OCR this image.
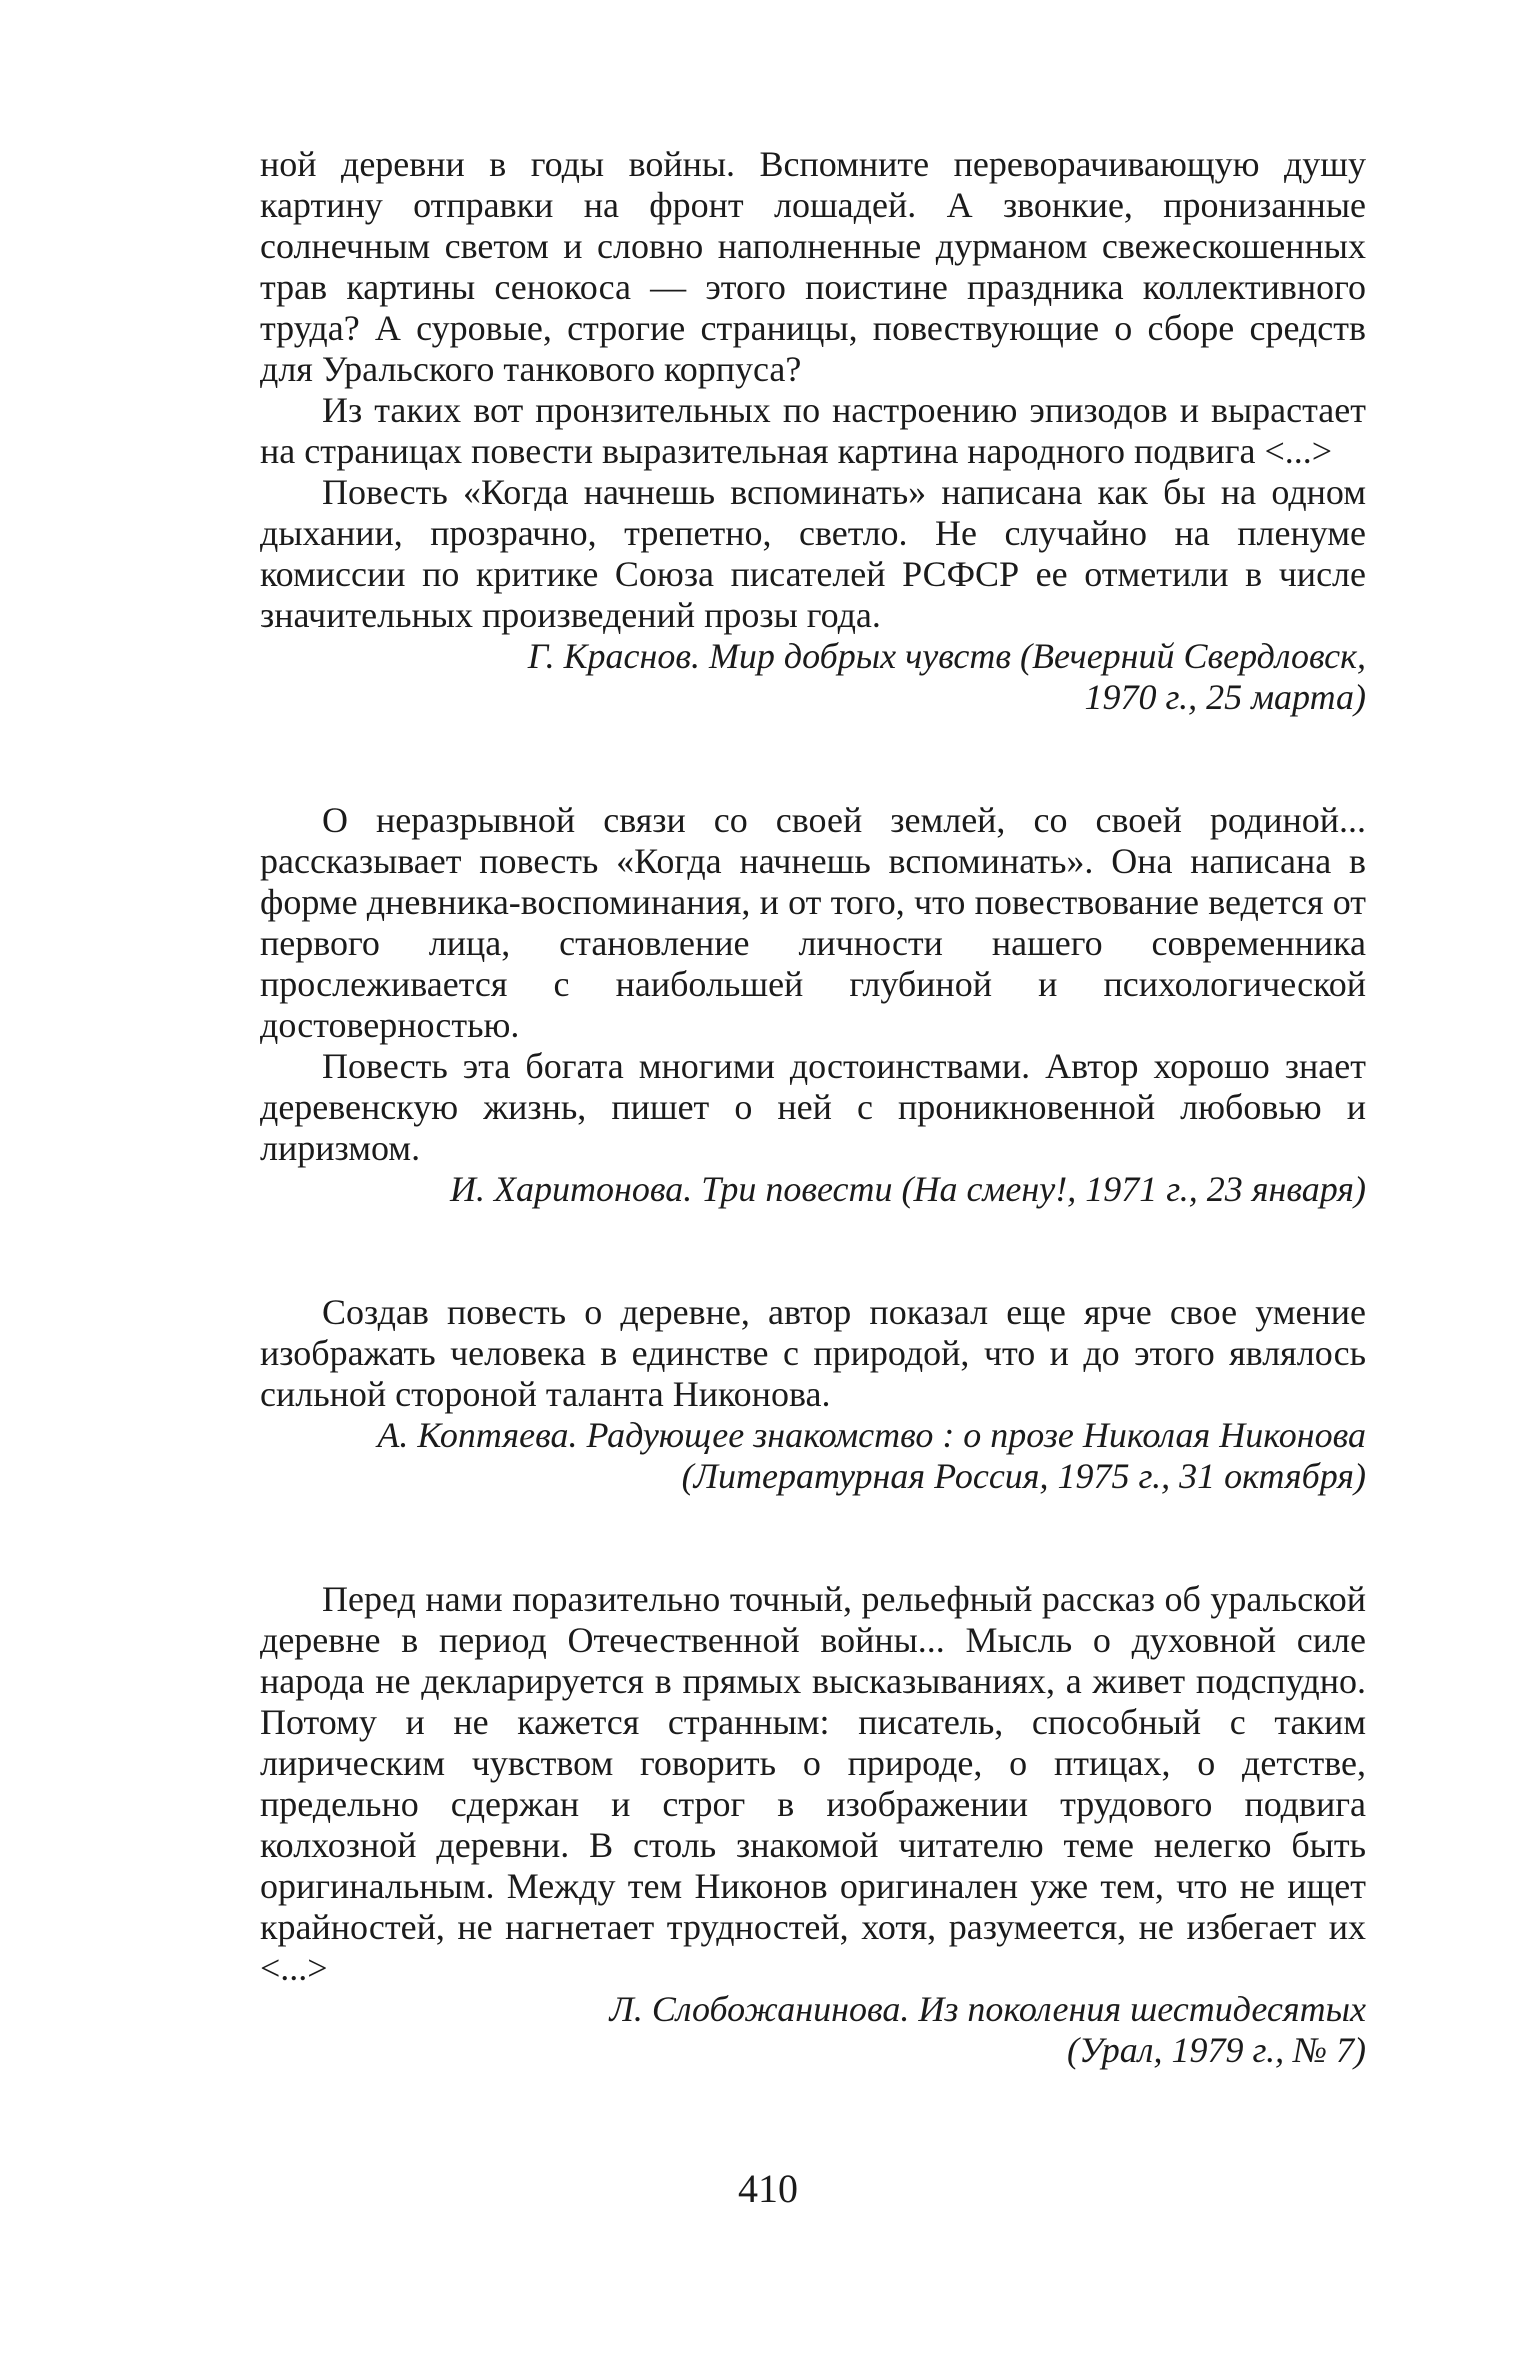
ной деревни в годы войны. Вспомните переворачивающую душу картину отправки на фронт лошадей. А звонкие, пронизанные солнечным светом и словно наполненные дурманом свежескошенных трав картины сенокоса — этого поистине праздника коллективного труда? А суровые, строгие страницы, повествующие о сборе средств для Уральского танкового корпуса?

Из таких вот пронзительных по настроению эпизодов и вырастает на страницах повести выразительная картина народного подвига <...>

Повесть «Когда начнешь вспоминать» написана как бы на одном дыхании, прозрачно, трепетно, светло. Не случайно на пленуме комиссии по критике Союза писателей РСФСР ее отметили в числе значительных произведений прозы года.

Г. Краснов. Мир добрых чувств (Вечерний Свердловск,

1970 г., 25 марта)

О неразрывной связи со своей землей, со своей родиной... рассказывает повесть «Когда начнешь вспоминать». Она написана в форме дневника-воспоминания, и от того, что повествование ведется от первого лица, становление личности нашего современника прослеживается с наибольшей глубиной и психологической достоверностью.

Повесть эта богата многими достоинствами. Автор хорошо знает деревенскую жизнь, пишет о ней с проникновенной любовью и лиризмом.

И. Харитонова. Три повести (На смену!, 1971 г., 23 января)

Создав повесть о деревне, автор показал еще ярче свое умение изображать человека в единстве с природой, что и до этого являлось сильной стороной таланта Никонова.

А. Коптяева. Радующее знакомство : о прозе Николая Никонова

(Литературная Россия, 1975 г., 31 октября)

Перед нами поразительно точный, рельефный рассказ об уральской деревне в период Отечественной войны... Мысль о духовной силе народа не декларируется в прямых высказываниях, а живет подспудно. Потому и не кажется странным: писатель, способный с таким лирическим чувством говорить о природе, о птицах, о детстве, предельно сдержан и строг в изображении трудового подвига колхозной деревни. В столь знакомой читателю теме нелегко быть оригинальным. Между тем Никонов оригинален уже тем, что не ищет крайностей, не нагнетает трудностей, хотя, разумеется, не избегает их <...>

Л. Слобожанинова. Из поколения шестидесятых

(Урал, 1979 г., № 7)

410
